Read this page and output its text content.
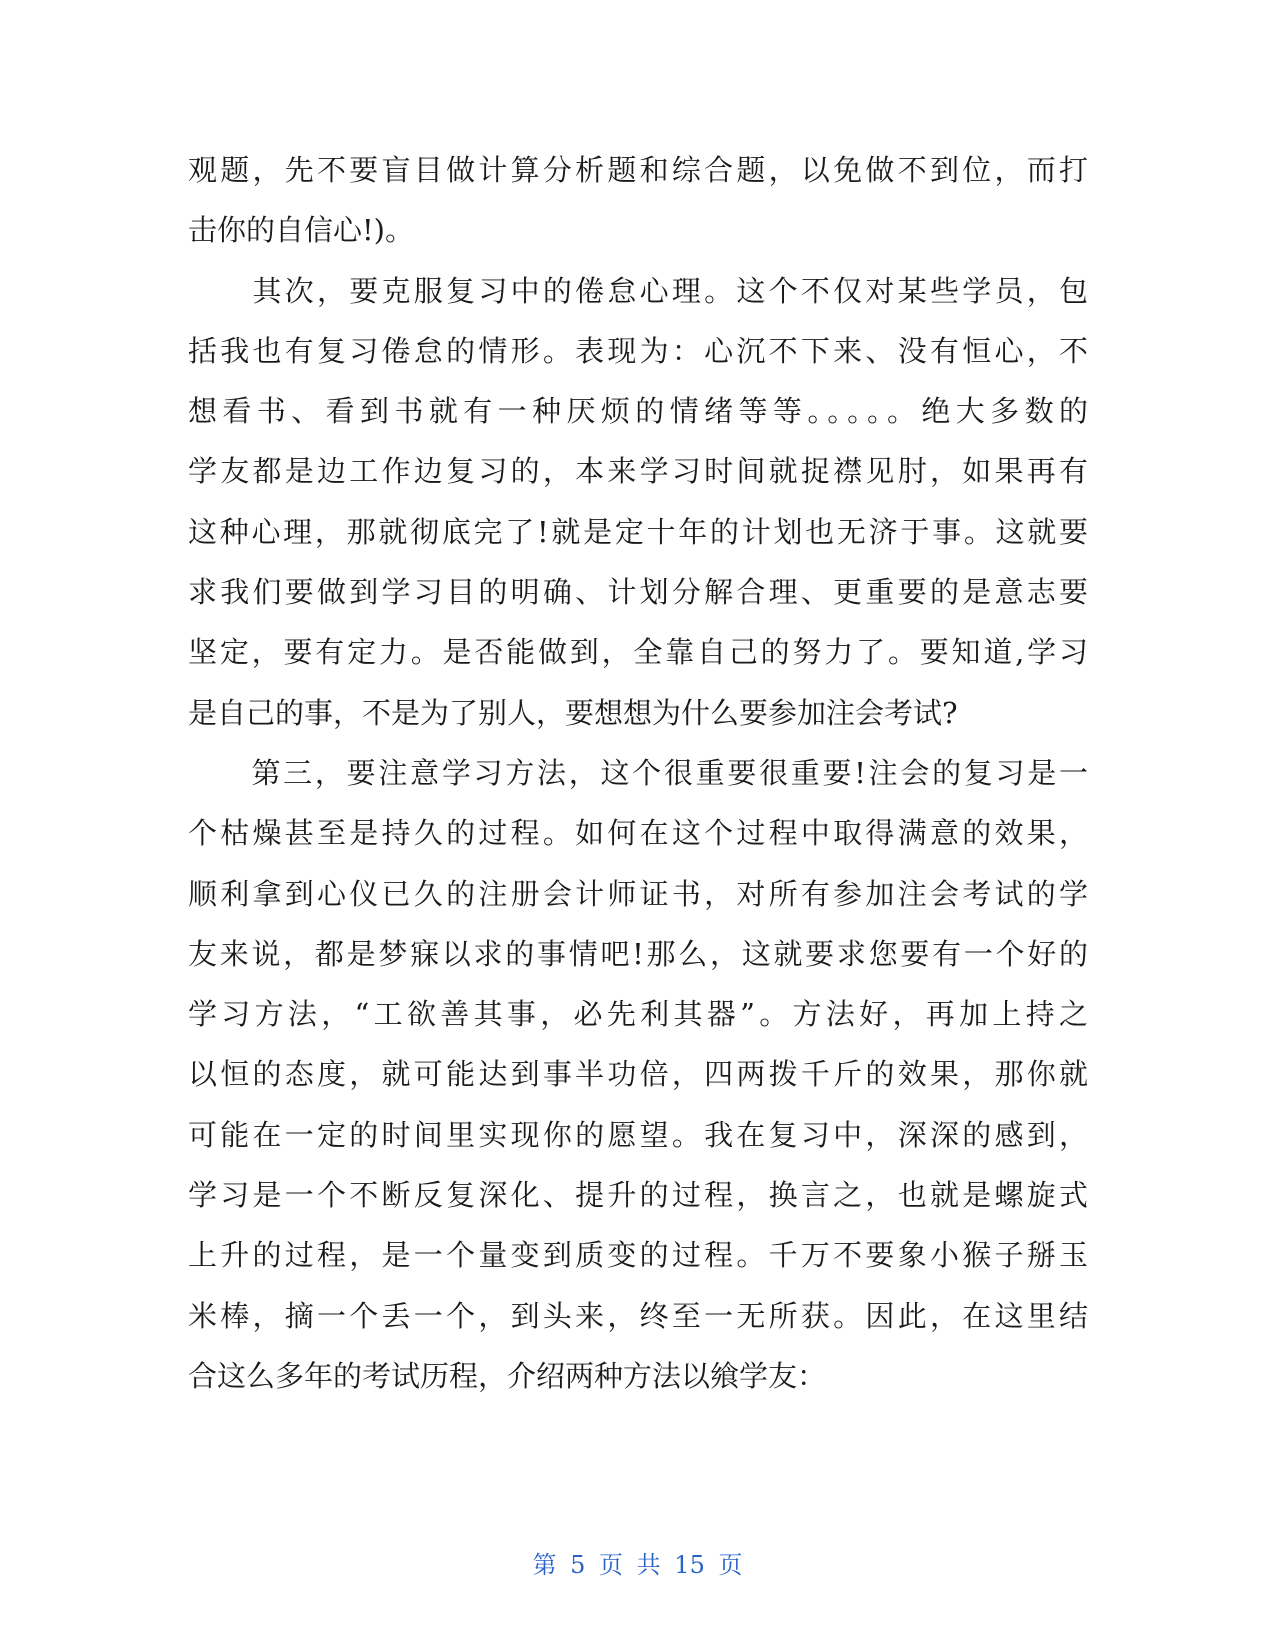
观题，先不要盲目做计算分析题和综合题，以免做不到位，而打
击你的自信心!)。
　　其次，要克服复习中的倦怠心理。这个不仅对某些学员，包
括我也有复习倦怠的情形。表现为：心沉不下来、没有恒心，不
想看书、看到书就有一种厌烦的情绪等等。。。。。绝大多数的
学友都是边工作边复习的，本来学习时间就捉襟见肘，如果再有
这种心理，那就彻底完了!就是定十年的计划也无济于事。这就要
求我们要做到学习目的明确、计划分解合理、更重要的是意志要
坚定，要有定力。是否能做到，全靠自己的努力了。要知道,学习
是自己的事，不是为了别人，要想想为什么要参加注会考试?
　　第三，要注意学习方法，这个很重要很重要!注会的复习是一
个枯燥甚至是持久的过程。如何在这个过程中取得满意的效果，
顺利拿到心仪已久的注册会计师证书，对所有参加注会考试的学
友来说，都是梦寐以求的事情吧!那么，这就要求您要有一个好的
学习方法，“工欲善其事，必先利其器”。方法好，再加上持之
以恒的态度，就可能达到事半功倍，四两拨千斤的效果，那你就
可能在一定的时间里实现你的愿望。我在复习中，深深的感到，
学习是一个不断反复深化、提升的过程，换言之，也就是螺旋式
上升的过程，是一个量变到质变的过程。千万不要象小猴子掰玉
米棒，摘一个丢一个，到头来，终至一无所获。因此，在这里结
合这么多年的考试历程，介绍两种方法以飨学友：
第 5 页 共 15 页
